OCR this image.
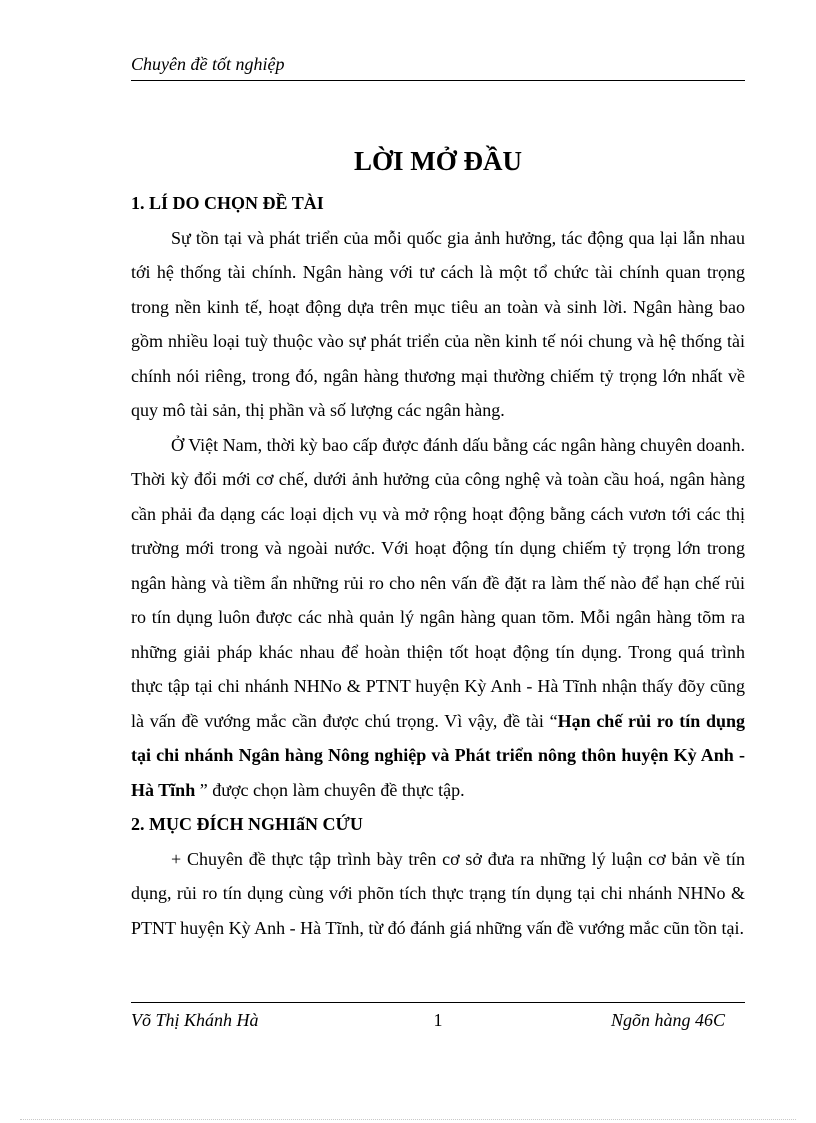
Chuyên đề tốt nghiệp
LỜI MỞ ĐẦU
1. LÍ DO CHỌN ĐỀ TÀI

Sự tồn tại và phát triển của mỗi quốc gia ảnh hưởng, tác động qua lại lẫn nhau tới hệ thống tài chính. Ngân hàng với tư cách là một tổ chức tài chính quan trọng trong nền kinh tế, hoạt động dựa trên mục tiêu an toàn và sinh lời. Ngân hàng bao gồm nhiều loại tuỳ thuộc vào sự phát triển của nền kinh tế nói chung và hệ thống tài chính nói riêng, trong đó, ngân hàng thương mại thường chiếm tỷ trọng lớn nhất về quy mô tài sản, thị phần và số lượng các ngân hàng.

Ở Việt Nam, thời kỳ bao cấp được đánh dấu bằng các ngân hàng chuyên doanh. Thời kỳ đổi mới cơ chế, dưới ảnh hưởng của công nghệ và toàn cầu hoá, ngân hàng cần phải đa dạng các loại dịch vụ và mở rộng hoạt động bằng cách vươn tới các thị trường mới trong và ngoài nước. Với hoạt động tín dụng chiếm tỷ trọng lớn trong ngân hàng và tiềm ẩn những rủi ro cho nên vấn đề đặt ra làm thế nào để hạn chế rủi ro tín dụng luôn được các nhà quản lý ngân hàng quan tõm. Mỗi ngân hàng tõm ra những giải pháp khác nhau để hoàn thiện tốt hoạt động tín dụng. Trong quá trình thực tập tại chi nhánh NHNo & PTNT huyện Kỳ Anh - Hà Tĩnh nhận thấy đõy cũng là vấn đề vướng mắc cần được chú trọng. Vì vậy, đề tài “Hạn chế rủi ro tín dụng tại chi nhánh Ngân hàng Nông nghiệp và Phát triển nông thôn huyện Kỳ Anh - Hà Tĩnh ” được chọn làm chuyên đề thực tập.

2. MỤC ĐÍCH NGHIấN CỨU

+ Chuyên đề thực tập trình bày trên cơ sở đưa ra những lý luận cơ bản về tín dụng, rủi ro tín dụng cùng với phõn tích thực trạng tín dụng tại chi nhánh NHNo & PTNT huyện Kỳ Anh - Hà Tĩnh, từ đó đánh giá những vấn đề vướng mắc cũn tồn tại.

Võ Thị Khánh Hà	1	Ngõn hàng 46C
